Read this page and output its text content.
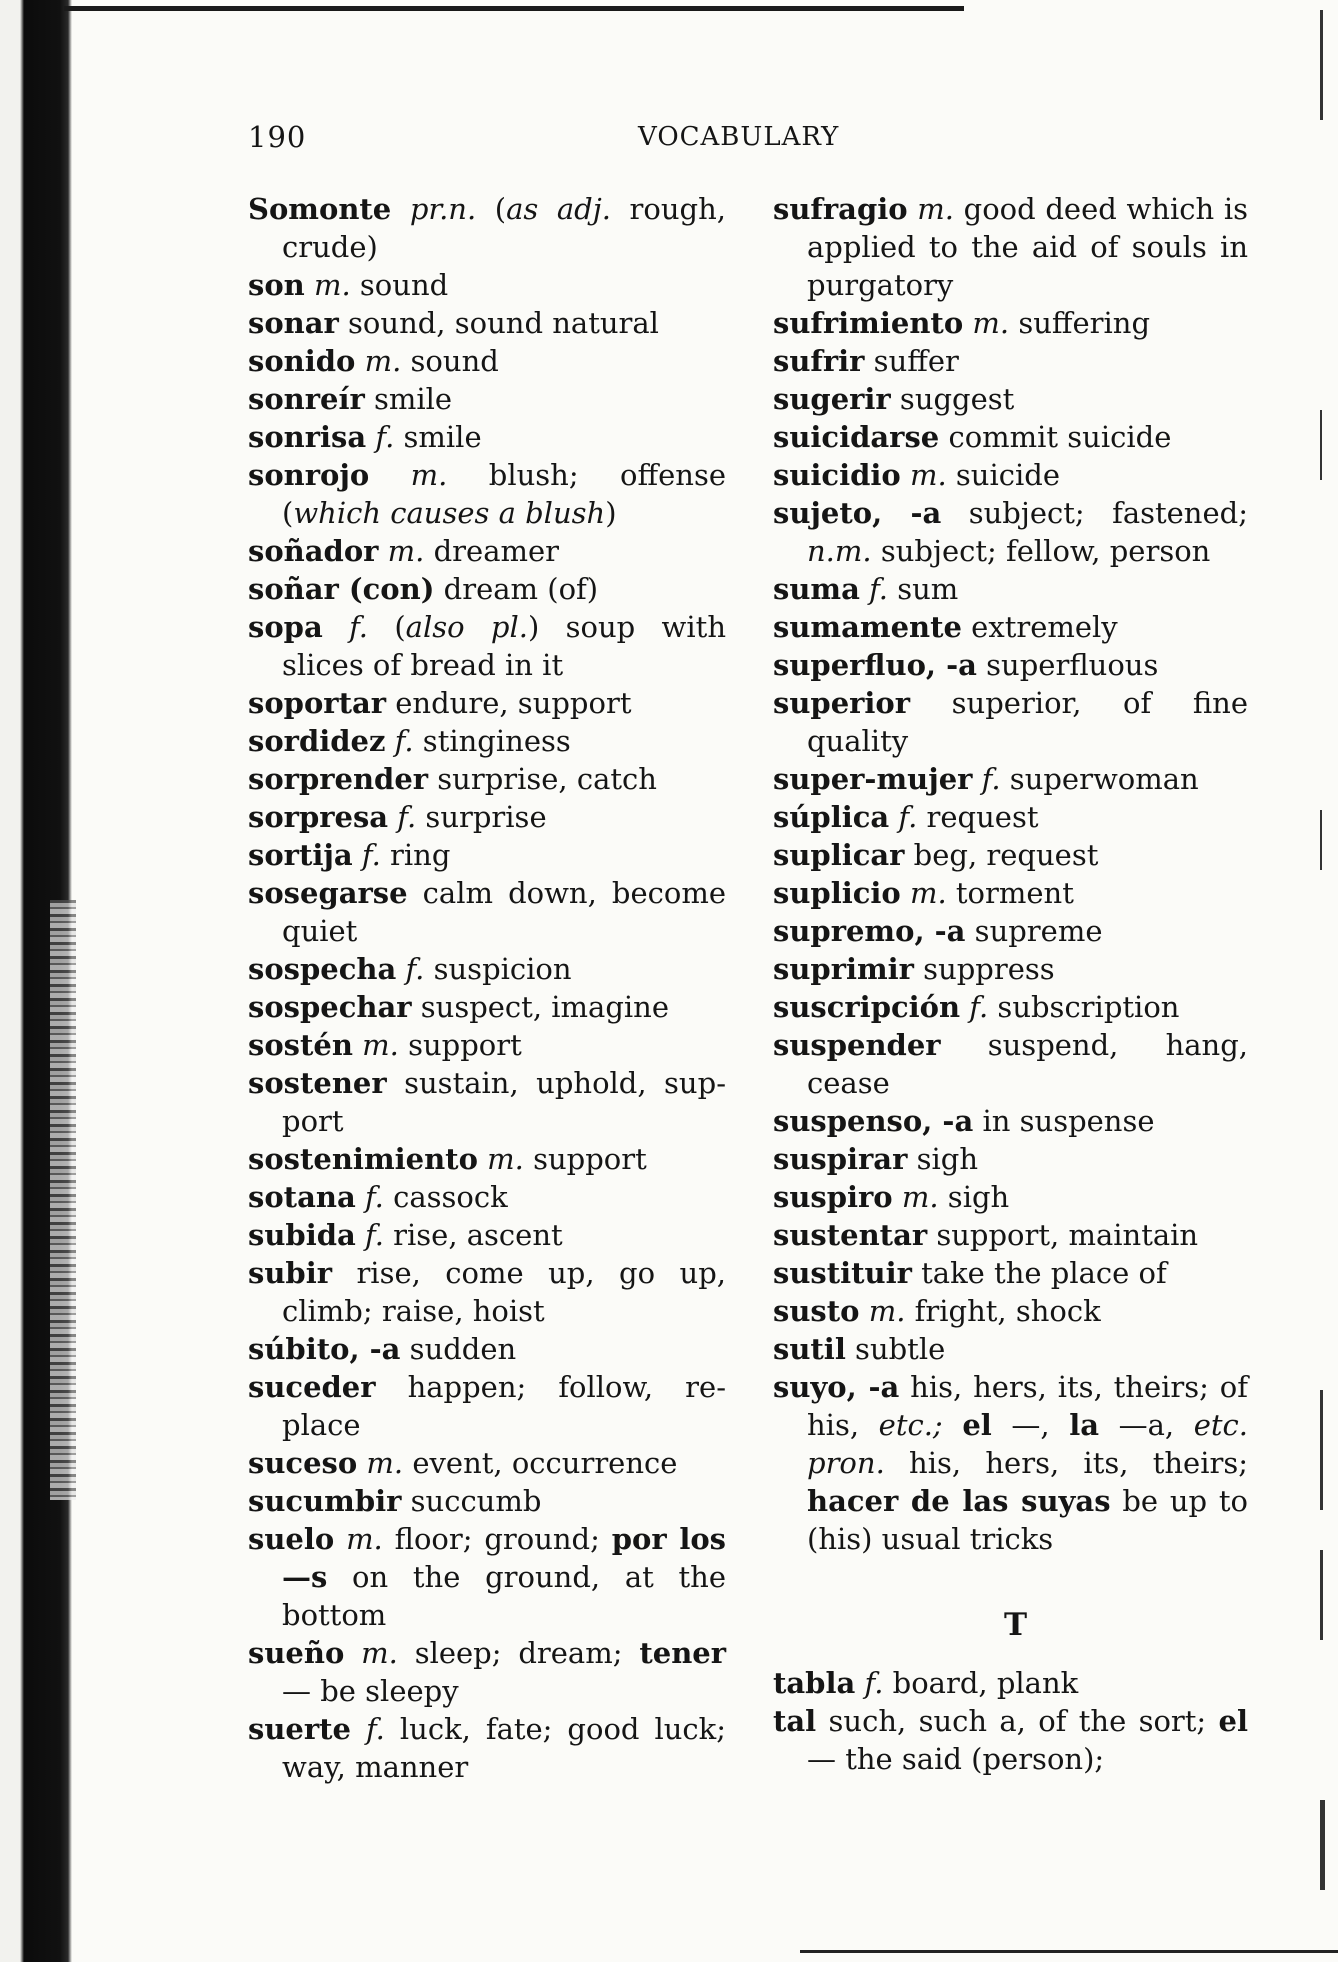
190	VOCABULARY
Somonte pr.n. (as adj. rough, crude)
son m. sound
sonar sound, sound natural
sonido m. sound
sonreír smile
sonrisa f. smile
sonrojo m. blush; offense (which causes a blush)
soñador m. dreamer
soñar (con) dream (of)
sopa f. (also pl.) soup with slices of bread in it
soportar endure, support
sordidez f. stinginess
sorprender surprise, catch
sorpresa f. surprise
sortija f. ring
sosegarse calm down, become quiet
sospecha f. suspicion
sospechar suspect, imagine
sostén m. support
sostener sustain, uphold, support
sostenimiento m. support
sotana f. cassock
subida f. rise, ascent
subir rise, come up, go up, climb; raise, hoist
súbito, -a sudden
suceder happen; follow, replace
suceso m. event, occurrence
sucumbir succumb
suelo m. floor; ground; por los —s on the ground, at the bottom
sueño m. sleep; dream; tener — be sleepy
suerte f. luck, fate; good luck; way, manner
sufragio m. good deed which is applied to the aid of souls in purgatory
sufrimiento m. suffering
sufrir suffer
sugerir suggest
suicidarse commit suicide
suicidio m. suicide
sujeto, -a subject; fastened; n.m. subject; fellow, person
suma f. sum
sumamente extremely
superfluo, -a superfluous
superior superior, of fine quality
super-mujer f. superwoman
súplica f. request
suplicar beg, request
suplicio m. torment
supremo, -a supreme
suprimir suppress
suscripción f. subscription
suspender suspend, hang, cease
suspenso, -a in suspense
suspirar sigh
suspiro m. sigh
sustentar support, maintain
sustituir take the place of
susto m. fright, shock
sutil subtle
suyo, -a his, hers, its, theirs; of his, etc.; el —, la —a, etc. pron. his, hers, its, theirs; hacer de las suyas be up to (his) usual tricks
T
tabla f. board, plank
tal such, such a, of the sort; el — the said (person);
